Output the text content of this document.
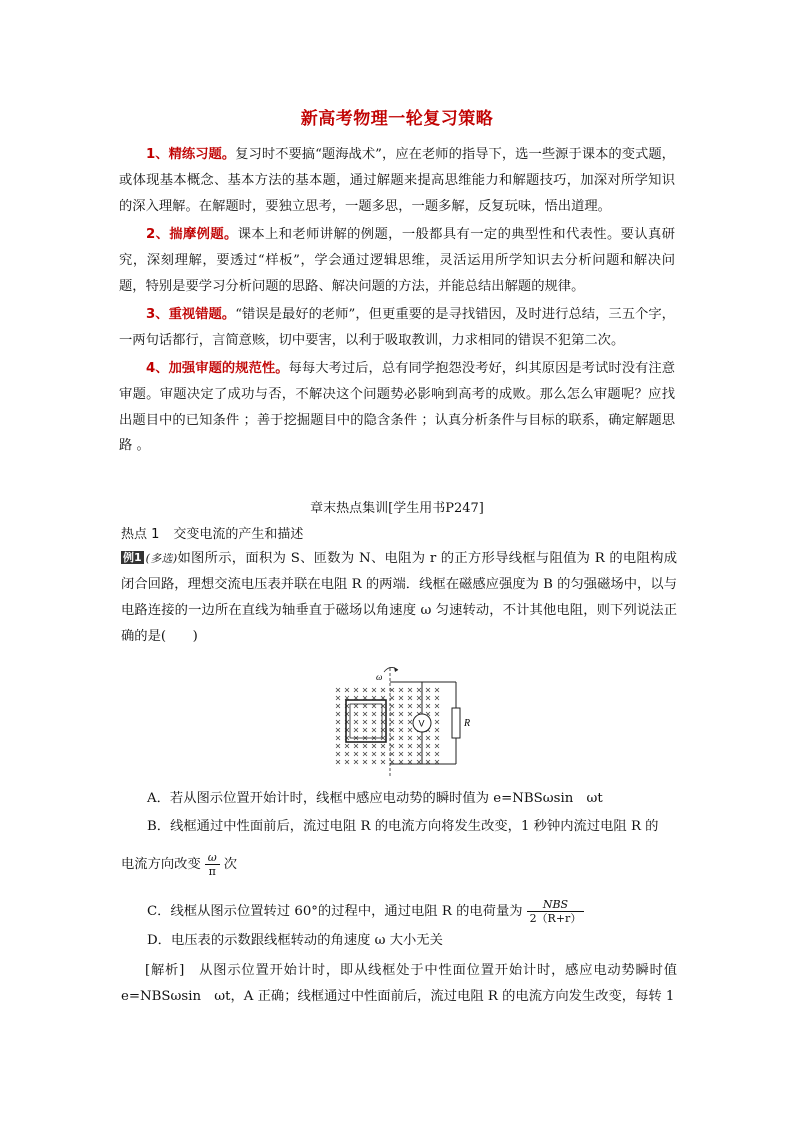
新高考物理一轮复习策略
1、精练习题。复习时不要搞“题海战术”，应在老师的指导下，选一些源于课本的变式题，或体现基本概念、基本方法的基本题，通过解题来提高思维能力和解题技巧，加深对所学知识的深入理解。在解题时，要独立思考，一题多思，一题多解，反复玩味，悟出道理。
2、揣摩例题。课本上和老师讲解的例题，一般都具有一定的典型性和代表性。要认真研究，深刻理解，要透过“样板”，学会通过逻辑思维，灵活运用所学知识去分析问题和解决问题，特别是要学习分析问题的思路、解决问题的方法，并能总结出解题的规律。
3、重视错题。“错误是最好的老师”，但更重要的是寻找错因，及时进行总结，三五个字，一两句话都行，言简意赅，切中要害，以利于吸取教训，力求相同的错误不犯第二次。
4、加强审题的规范性。每每大考过后，总有同学抱怨没考好，纠其原因是考试时没有注意审题。审题决定了成功与否，不解决这个问题势必影响到高考的成败。那么怎么审题呢？应找出题目中的已知条件 ；善于挖掘题目中的隐含条件 ；认真分析条件与目标的联系，确定解题思路 。
章末热点集训[学生用书P247]
热点 1 交变电流的产生和描述
例1 (多选)如图所示，面积为 S、匝数为 N、电阻为 r 的正方形导线框与阻值为 R 的电阻构成闭合回路，理想交流电压表并联在电阻 R 的两端．线框在磁感应强度为 B 的匀强磁场中，以与电路连接的一边所在直线为轴垂直于磁场以角速度 ω 匀速转动，不计其他电阻，则下列说法正确的是(　　)
ω
V	R
A．若从图示位置开始计时，线框中感应电动势的瞬时值为 e=NBSωsin　ωt
B．线框通过中性面前后，流过电阻 R 的电流方向将发生改变，1 秒钟内流过电阻 R 的
电流方向改变 $\frac{\omega}{\pi}$ 次
C．线框从图示位置转过 60°的过程中，通过电阻 R 的电荷量为 $\frac{\text{NBS}}{2(R+r)}$
D．电压表的示数跟线框转动的角速度 ω 大小无关
[解析]　从图示位置开始计时，即从线框处于中性面位置开始计时，感应电动势瞬时值 e=NBSωsin　ωt，A 正确；线框通过中性面前后，流过电阻 R 的电流方向发生改变，每转 1
